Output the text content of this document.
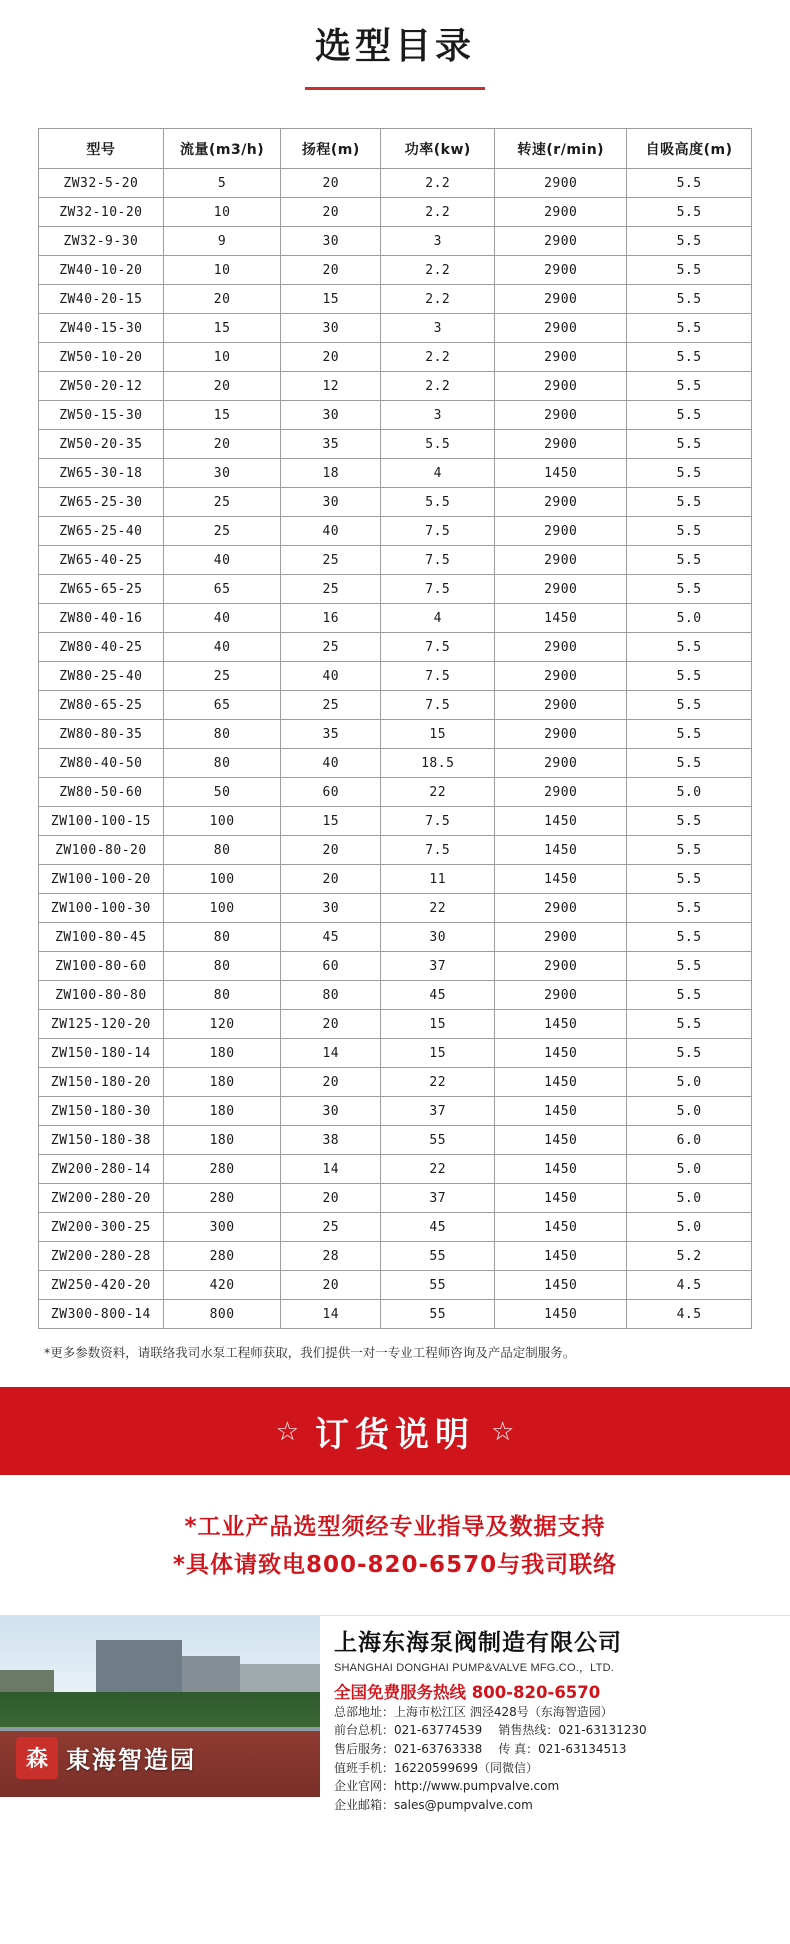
选型目录
型号	流量(m3/h)	扬程(m)	功率(kw)	转速(r/min)	自吸高度(m)
ZW32-5-20	5	20	2.2	2900	5.5
ZW32-10-20	10	20	2.2	2900	5.5
ZW32-9-30	9	30	3	2900	5.5
ZW40-10-20	10	20	2.2	2900	5.5
ZW40-20-15	20	15	2.2	2900	5.5
ZW40-15-30	15	30	3	2900	5.5
ZW50-10-20	10	20	2.2	2900	5.5
ZW50-20-12	20	12	2.2	2900	5.5
ZW50-15-30	15	30	3	2900	5.5
ZW50-20-35	20	35	5.5	2900	5.5
ZW65-30-18	30	18	4	1450	5.5
ZW65-25-30	25	30	5.5	2900	5.5
ZW65-25-40	25	40	7.5	2900	5.5
ZW65-40-25	40	25	7.5	2900	5.5
ZW65-65-25	65	25	7.5	2900	5.5
ZW80-40-16	40	16	4	1450	5.0
ZW80-40-25	40	25	7.5	2900	5.5
ZW80-25-40	25	40	7.5	2900	5.5
ZW80-65-25	65	25	7.5	2900	5.5
ZW80-80-35	80	35	15	2900	5.5
ZW80-40-50	80	40	18.5	2900	5.5
ZW80-50-60	50	60	22	2900	5.0
ZW100-100-15	100	15	7.5	1450	5.5
ZW100-80-20	80	20	7.5	1450	5.5
ZW100-100-20	100	20	11	1450	5.5
ZW100-100-30	100	30	22	2900	5.5
ZW100-80-45	80	45	30	2900	5.5
ZW100-80-60	80	60	37	2900	5.5
ZW100-80-80	80	80	45	2900	5.5
ZW125-120-20	120	20	15	1450	5.5
ZW150-180-14	180	14	15	1450	5.5
ZW150-180-20	180	20	22	1450	5.0
ZW150-180-30	180	30	37	1450	5.0
ZW150-180-38	180	38	55	1450	6.0
ZW200-280-14	280	14	22	1450	5.0
ZW200-280-20	280	20	37	1450	5.0
ZW200-300-25	300	25	45	1450	5.0
ZW200-280-28	280	28	55	1450	5.2
ZW250-420-20	420	20	55	1450	4.5
ZW300-800-14	800	14	55	1450	4.5
*更多参数资料，请联络我司水泵工程师获取，我们提供一对一专业工程师咨询及产品定制服务。
☆ 订货说明 ☆
*工业产品选型须经专业指导及数据支持
*具体请致电800-820-6570与我司联络
森 東海智造园
上海东海泵阀制造有限公司
SHANGHAI DONGHAI PUMP&VALVE MFG.CO.，LTD.
全国免费服务热线 800-820-6570
总部地址：上海市松江区 泗泾428号（东海智造园）
前台总机：021-63774539 销售热线：021-63131230
售后服务：021-63763338 传 真：021-63134513
值班手机：16220599699（同微信）
企业官网：http://www.pumpvalve.com
企业邮箱：sales@pumpvalve.com
